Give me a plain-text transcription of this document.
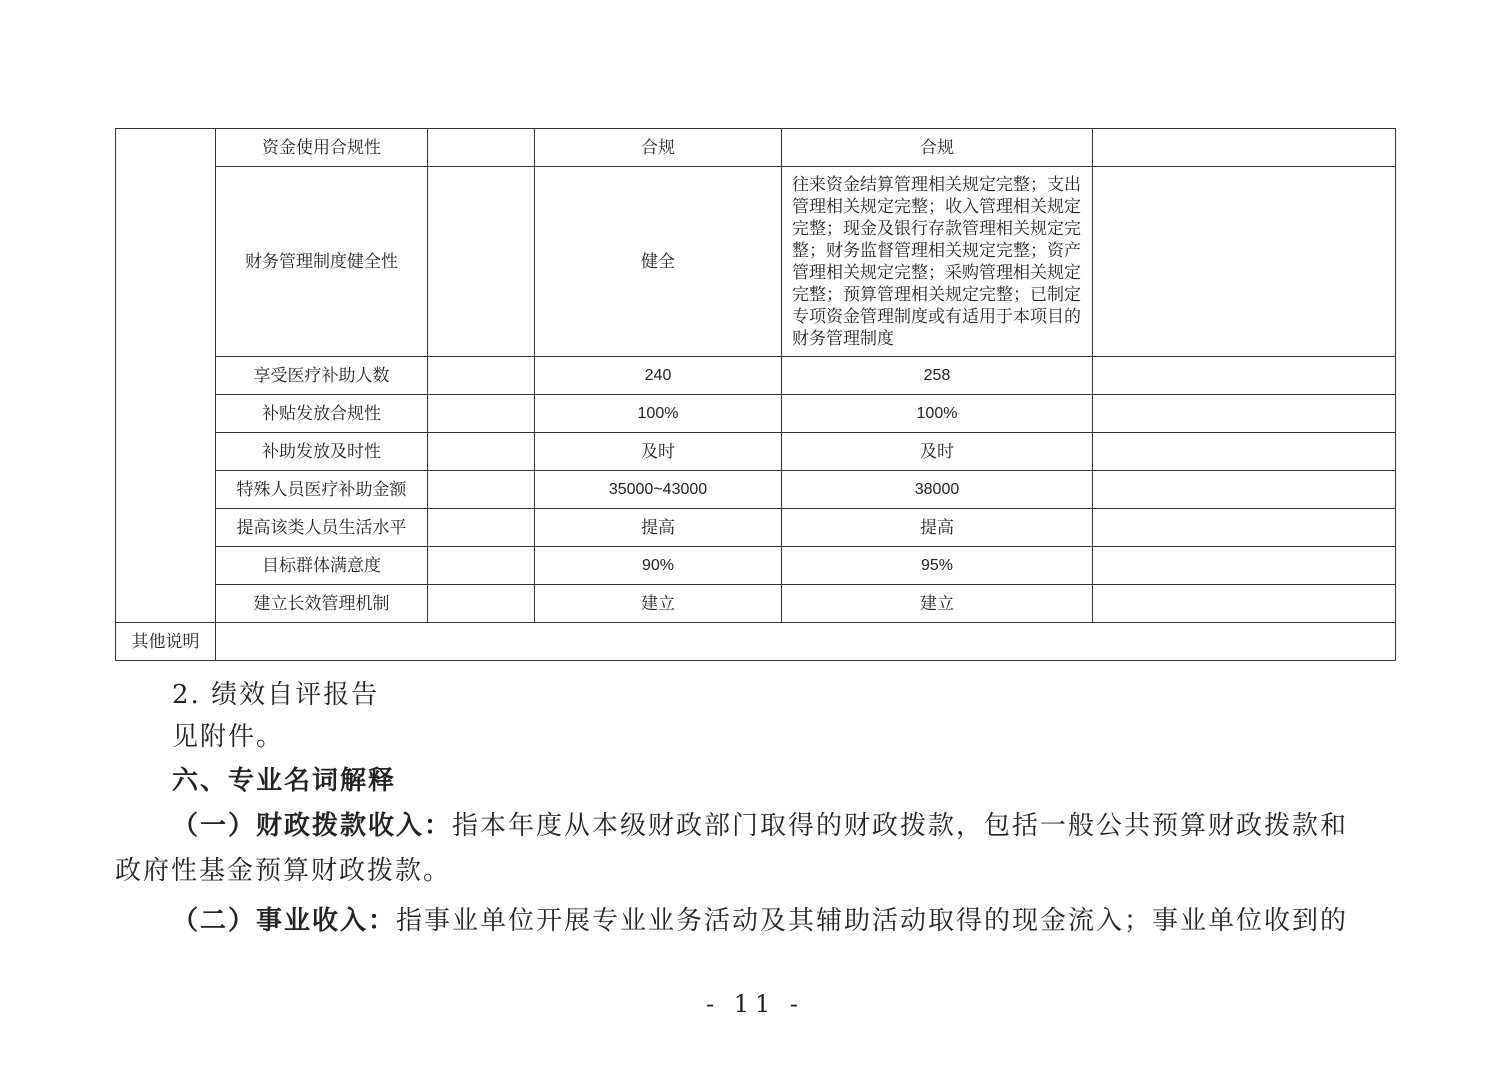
	资金使用合规性		合规	合规	
	财务管理制度健全性		健全	往来资金结算管理相关规定完整；支出管理相关规定完整；收入管理相关规定完整；现金及银行存款管理相关规定完整；财务监督管理相关规定完整；资产管理相关规定完整；采购管理相关规定完整；预算管理相关规定完整；已制定专项资金管理制度或有适用于本项目的财务管理制度	
	享受医疗补助人数		240	258	
	补贴发放合规性		100%	100%	
	补助发放及时性		及时	及时	
	特殊人员医疗补助金额		35000~43000	38000	
	提高该类人员生活水平		提高	提高	
	目标群体满意度		90%	95%	
	建立长效管理机制		建立	建立	
其他说明					
2. 绩效自评报告
见附件。
六、专业名词解释
（一）财政拨款收入：指本年度从本级财政部门取得的财政拨款，包括一般公共预算财政拨款和
政府性基金预算财政拨款。
（二）事业收入：指事业单位开展专业业务活动及其辅助活动取得的现金流入；事业单位收到的
- 11 -
